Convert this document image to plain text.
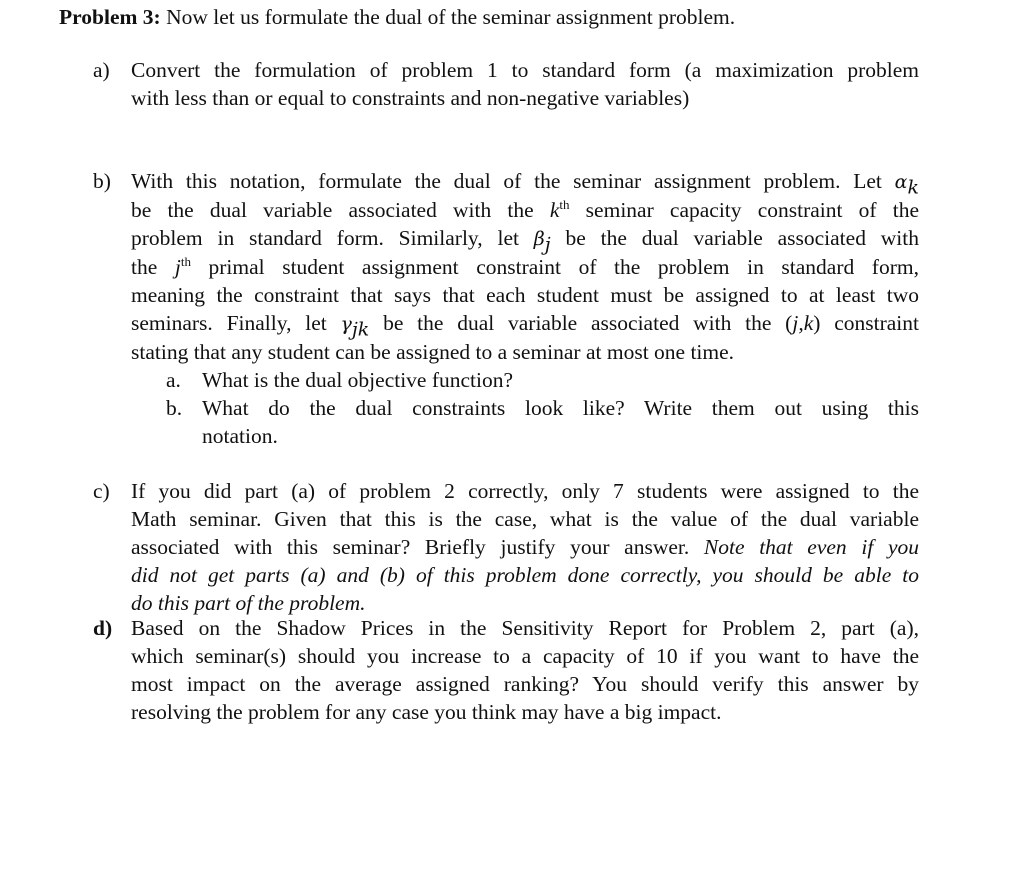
Problem 3: Now let us formulate the dual of the seminar assignment problem.
a) Convert the formulation of problem 1 to standard form (a maximization problem
with less than or equal to constraints and non-negative variables)
b) With this notation, formulate the dual of the seminar assignment problem. Let $\alpha_k$
be the dual variable associated with the $k^{th}$ seminar capacity constraint of the
problem in standard form. Similarly, let $\beta_j$ be the dual variable associated with
the $j^{th}$ primal student assignment constraint of the problem in standard form,
meaning the constraint that says that each student must be assigned to at least two
seminars. Finally, let $\gamma_{jk}$ be the dual variable associated with the (j,k) constraint
stating that any student can be assigned to a seminar at most one time.
a. What is the dual objective function?
b. What do the dual constraints look like? Write them out using this
notation.
c) If you did part (a) of problem 2 correctly, only 7 students were assigned to the
Math seminar. Given that this is the case, what is the value of the dual variable
associated with this seminar? Briefly justify your answer. Note that even if you
did not get parts (a) and (b) of this problem done correctly, you should be able to
do this part of the problem.
d) Based on the Shadow Prices in the Sensitivity Report for Problem 2, part (a),
which seminar(s) should you increase to a capacity of 10 if you want to have the
most impact on the average assigned ranking? You should verify this answer by
resolving the problem for any case you think may have a big impact.
